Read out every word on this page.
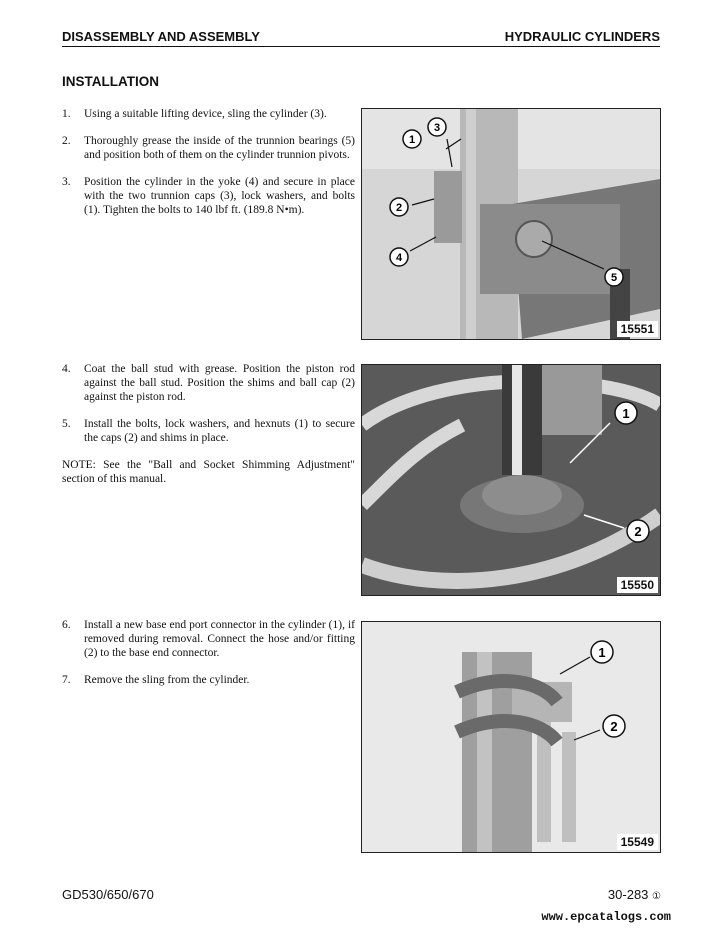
DISASSEMBLY AND ASSEMBLY	HYDRAULIC CYLINDERS
INSTALLATION
1. Using a suitable lifting device, sling the cylinder (3).
2. Thoroughly grease the inside of the trunnion bearings (5) and position both of them on the cylinder trunnion pivots.
3. Position the cylinder in the yoke (4) and secure in place with the two trunnion caps (3), lock washers, and bolts (1). Tighten the bolts to 140 lbf ft. (189.8 N•m).
4. Coat the ball stud with grease. Position the piston rod against the ball stud. Position the shims and ball cap (2) against the piston rod.
5. Install the bolts, lock washers, and hexnuts (1) to secure the caps (2) and shims in place.
NOTE: See the "Ball and Socket Shimming Adjustment" section of this manual.
6. Install a new base end port connector in the cylinder (1), if removed during removal. Connect the hose and/or fitting (2) to the base end connector.
7. Remove the sling from the cylinder.
1
3
2
4
5
15551
1
2
15550
1
2
15549
GD530/650/670	30-283 ①
www.epcatalogs.com
